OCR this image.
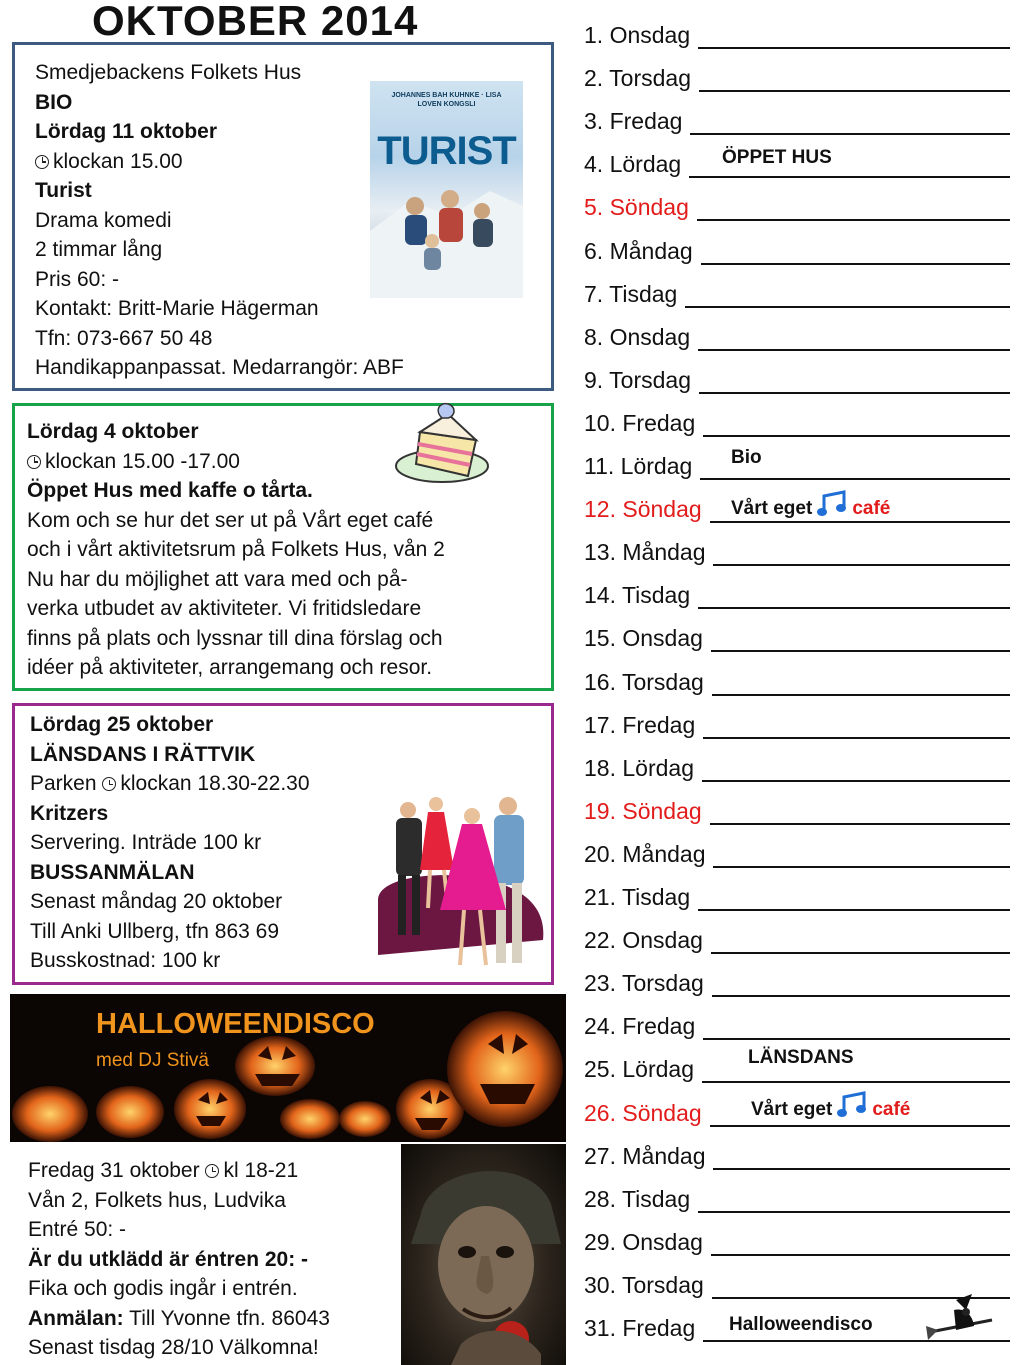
OKTOBER 2014
Smedjebackens Folkets Hus
BIO
Lördag 11 oktober
klockan 15.00
Turist
Drama komedi
2 timmar lång
Pris 60: -
Kontakt: Britt-Marie Hägerman
Tfn: 073-667 50 48
Handikappanpassat. Medarrangör: ABF
JOHANNES BAH KUHNKE · LISA LOVEN KONGSLI
TURIST
Lördag 4 oktober
klockan 15.00 -17.00
Öppet Hus med kaffe o tårta.
Kom och se hur det ser ut på Vårt eget café
och i vårt aktivitetsrum på Folkets Hus, vån 2
Nu har du möjlighet att vara med och på-
verka utbudet av aktiviteter. Vi fritidsledare
finns på plats och lyssnar till dina förslag och
idéer på aktiviteter, arrangemang och resor.
Lördag 25 oktober
LÄNSDANS I RÄTTVIK
Parken klockan 18.30-22.30
Kritzers
Servering. Inträde 100 kr
BUSSANMÄLAN
Senast måndag 20 oktober
Till Anki Ullberg, tfn 863 69
Busskostnad: 100 kr
HALLOWEENDISCO
med DJ Stivä
Fredag 31 oktober kl 18-21
Vån 2, Folkets hus, Ludvika
Entré 50: -
Är du utklädd är éntren 20: -
Fika och godis ingår i entrén.
Anmälan: Till Yvonne tfn. 86043
Senast tisdag 28/10 Välkomna!
1. Onsdag
2. Torsdag
3. Fredag
4. Lördag
5. Söndag
6. Måndag
7. Tisdag
8. Onsdag
9. Torsdag
10. Fredag
11. Lördag
12. Söndag
13. Måndag
14. Tisdag
15. Onsdag
16. Torsdag
17. Fredag
18. Lördag
19. Söndag
20. Måndag
21. Tisdag
22. Onsdag
23. Torsdag
24. Fredag
25. Lördag
26. Söndag
27. Måndag
28. Tisdag
29. Onsdag
30. Torsdag
31. Fredag
ÖPPET HUS
Bio
Vårt eget café
LÄNSDANS
Vårt eget café
Halloweendisco
